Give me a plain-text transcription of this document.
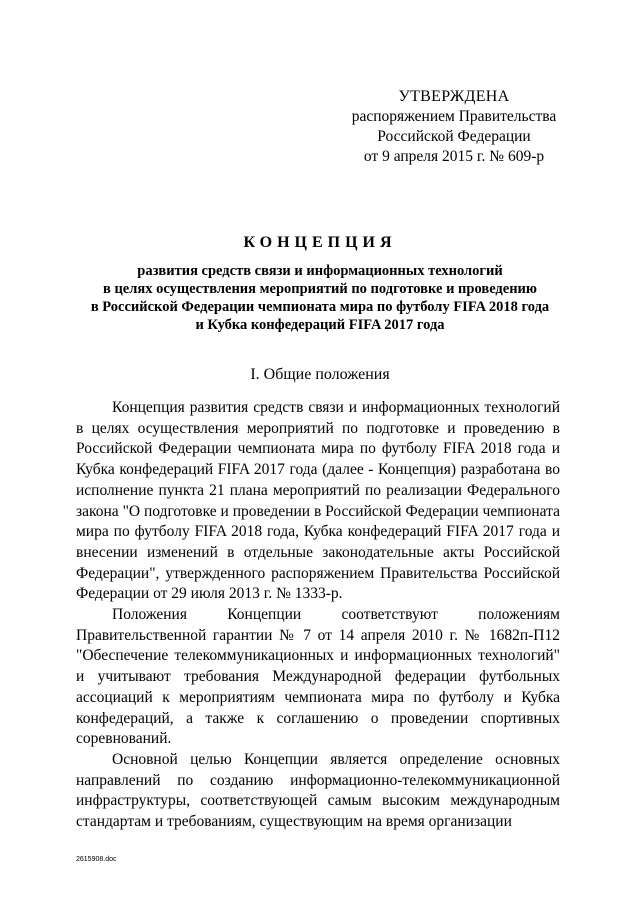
УТВЕРЖДЕНА
распоряжением Правительства
Российской Федерации
от 9 апреля 2015 г. № 609-р
КОНЦЕПЦИЯ
развития средств связи и информационных технологий
в целях осуществления мероприятий по подготовке и проведению
в Российской Федерации чемпионата мира по футболу FIFA 2018 года
и Кубка конфедераций FIFA 2017 года
I. Общие положения

Концепция развития средств связи и информационных технологий в целях осуществления мероприятий по подготовке и проведению в Российской Федерации чемпионата мира по футболу FIFA 2018 года и Кубка конфедераций FIFA 2017 года (далее - Концепция) разработана во исполнение пункта 21 плана мероприятий по реализации Федерального закона "О подготовке и проведении в Российской Федерации чемпионата мира по футболу FIFA 2018 года, Кубка конфедераций FIFA 2017 года и внесении изменений в отдельные законодательные акты Российской Федерации", утвержденного распоряжением Правительства Российской Федерации от 29 июля 2013 г. № 1333-р.

Положения Концепции соответствуют положениям Правительственной гарантии № 7 от 14 апреля 2010 г. № 1682п-П12 "Обеспечение телекоммуникационных и информационных технологий" и учитывают требования Международной федерации футбольных ассоциаций к мероприятиям чемпионата мира по футболу и Кубка конфедераций, а также к соглашению о проведении спортивных соревнований.

Основной целью Концепции является определение основных направлений по созданию информационно-телекоммуникационной инфраструктуры, соответствующей самым высоким международным стандартам и требованиям, существующим на время организации

2615908.doc
